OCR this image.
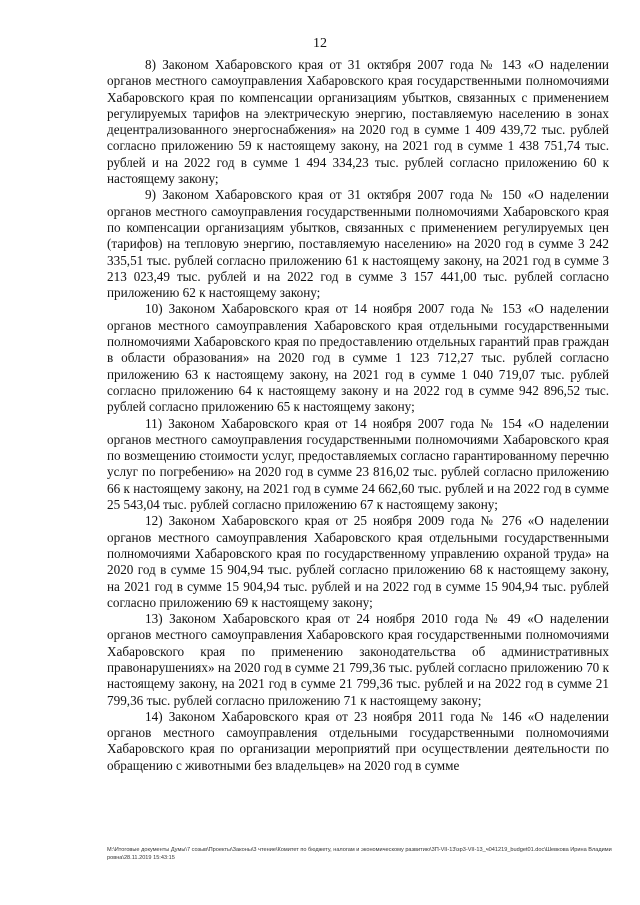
12

8) Законом Хабаровского края от 31 октября 2007 года № 143 «О наделении органов местного самоуправления Хабаровского края государственными полномочиями Хабаровского края по компенсации организациям убытков, связанных с применением регулируемых тарифов на электрическую энергию, поставляемую населению в зонах децентрализованного энергоснабжения» на 2020 год в сумме 1 409 439,72 тыс. рублей согласно приложению 59 к настоящему закону, на 2021 год в сумме 1 438 751,74 тыс. рублей и на 2022 год в сумме 1 494 334,23 тыс. рублей согласно приложению 60 к настоящему закону;

9) Законом Хабаровского края от 31 октября 2007 года № 150 «О наделении органов местного самоуправления государственными полномочиями Хабаровского края по компенсации организациям убытков, связанных с применением регулируемых цен (тарифов) на тепловую энергию, поставляемую населению» на 2020 год в сумме 3 242 335,51 тыс. рублей согласно приложению 61 к настоящему закону, на 2021 год в сумме 3 213 023,49 тыс. рублей и на 2022 год в сумме 3 157 441,00 тыс. рублей согласно приложению 62 к настоящему закону;

10) Законом Хабаровского края от 14 ноября 2007 года № 153 «О наделении органов местного самоуправления Хабаровского края отдельными государственными полномочиями Хабаровского края по предоставлению отдельных гарантий прав граждан в области образования» на 2020 год в сумме 1 123 712,27 тыс. рублей согласно приложению 63 к настоящему закону, на 2021 год в сумме 1 040 719,07 тыс. рублей согласно приложению 64 к настоящему закону и на 2022 год в сумме 942 896,52 тыс. рублей согласно приложению 65 к настоящему закону;

11) Законом Хабаровского края от 14 ноября 2007 года № 154 «О наделении органов местного самоуправления государственными полномочиями Хабаровского края по возмещению стоимости услуг, предоставляемых согласно гарантированному перечню услуг по погребению» на 2020 год в сумме 23 816,02 тыс. рублей согласно приложению 66 к настоящему закону, на 2021 год в сумме 24 662,60 тыс. рублей и на 2022 год в сумме 25 543,04 тыс. рублей согласно приложению 67 к настоящему закону;

12) Законом Хабаровского края от 25 ноября 2009 года № 276 «О наделении органов местного самоуправления Хабаровского края отдельными государственными полномочиями Хабаровского края по государственному управлению охраной труда» на 2020 год в сумме 15 904,94 тыс. рублей согласно приложению 68 к настоящему закону, на 2021 год в сумме 15 904,94 тыс. рублей и на 2022 год в сумме 15 904,94 тыс. рублей согласно приложению 69 к настоящему закону;

13) Законом Хабаровского края от 24 ноября 2010 года № 49 «О наделении органов местного самоуправления Хабаровского края государственными полномочиями Хабаровского края по применению законодательства об административных правонарушениях» на 2020 год в сумме 21 799,36 тыс. рублей согласно приложению 70 к настоящему закону, на 2021 год в сумме 21 799,36 тыс. рублей и на 2022 год в сумме 21 799,36 тыс. рублей согласно приложению 71 к настоящему закону;

14) Законом Хабаровского края от 23 ноября 2011 года № 146 «О наделении органов местного самоуправления отдельными государственными полномочиями Хабаровского края по организации мероприятий при осуществлении деятельности по обращению с животными без владельцев» на 2020 год в сумме

M:\Итоговые документы Думы\7 созыв\Проекты\Законы\3 чтение\Комитет по бюджету, налогам и экономическому развитию\3П-VII-13\зр3-VII-13_ч041219_budget01.doc\Шевкова Ирина Владимировна\28.11.2019 15:43:15
